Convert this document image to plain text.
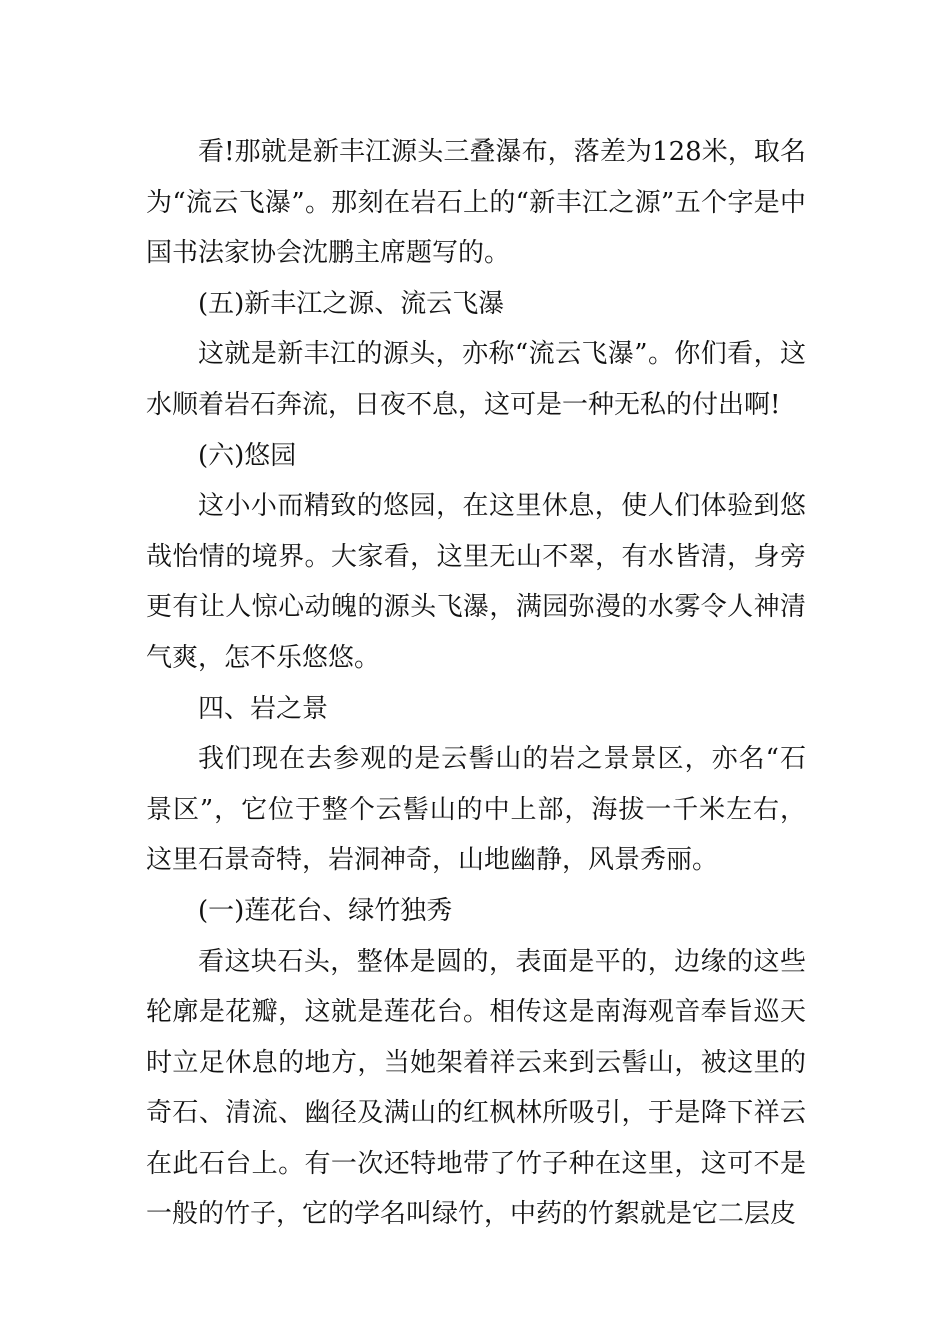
看!那就是新丰江源头三叠瀑布，落差为128米，取名为“流云飞瀑”。那刻在岩石上的“新丰江之源”五个字是中国书法家协会沈鹏主席题写的。

(五)新丰江之源、流云飞瀑

这就是新丰江的源头，亦称“流云飞瀑”。你们看，这水顺着岩石奔流，日夜不息，这可是一种无私的付出啊!

(六)悠园

这小小而精致的悠园，在这里休息，使人们体验到悠哉怡情的境界。大家看，这里无山不翠，有水皆清，身旁更有让人惊心动魄的源头飞瀑，满园弥漫的水雾令人神清气爽，怎不乐悠悠。

四、岩之景

我们现在去参观的是云髻山的岩之景景区，亦名“石景区”，它位于整个云髻山的中上部，海拔一千米左右，这里石景奇特，岩洞神奇，山地幽静，风景秀丽。

(一)莲花台、绿竹独秀

看这块石头，整体是圆的，表面是平的，边缘的这些轮廓是花瓣，这就是莲花台。相传这是南海观音奉旨巡天时立足休息的地方，当她架着祥云来到云髻山，被这里的奇石、清流、幽径及满山的红枫林所吸引，于是降下祥云在此石台上。有一次还特地带了竹子种在这里，这可不是一般的竹子，它的学名叫绿竹，中药的竹絮就是它二层皮
